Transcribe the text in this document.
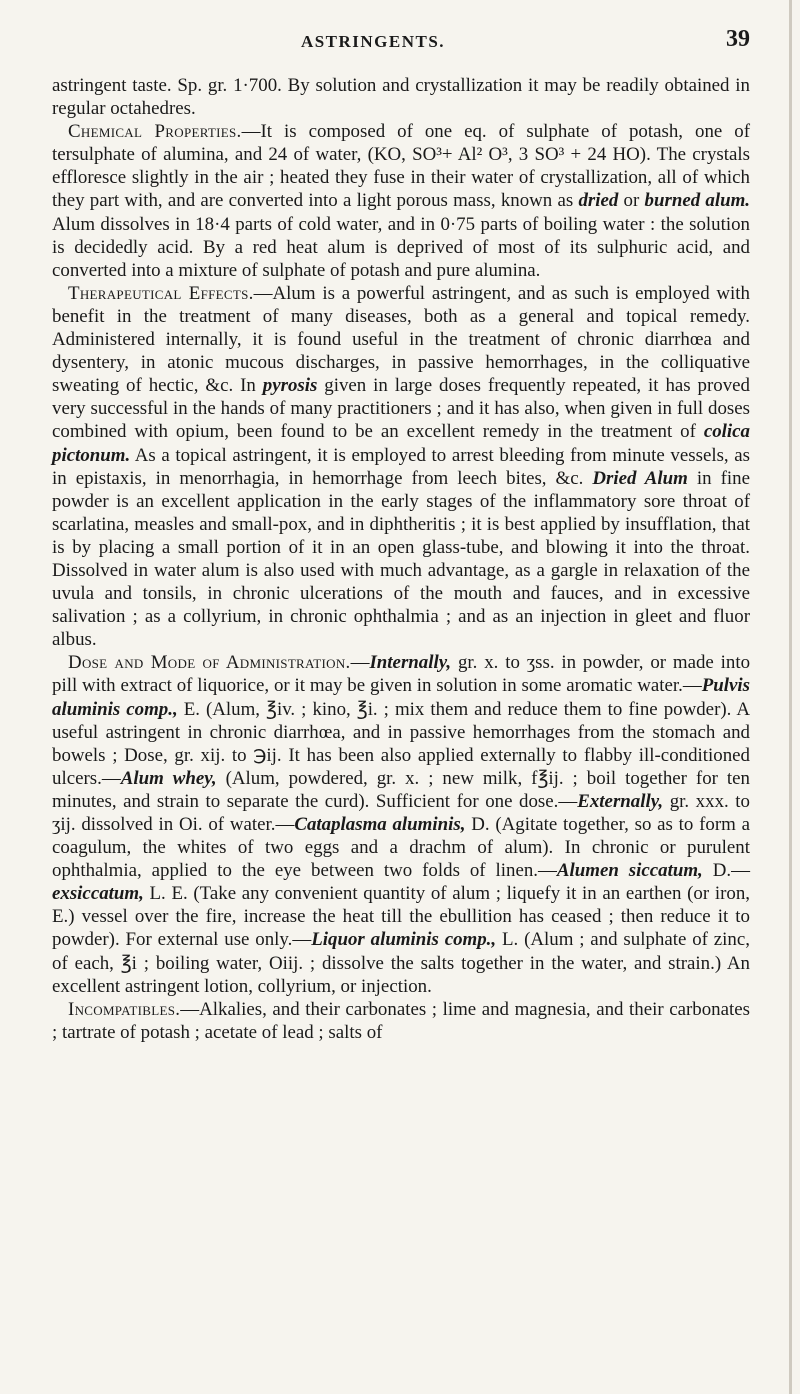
ASTRINGENTS.	39

astringent taste. Sp. gr. 1·700. By solution and crystallization it may be readily obtained in regular octahedres.

Chemical Properties.—It is composed of one eq. of sulphate of potash, one of tersulphate of alumina, and 24 of water, (KO, SO³+ Al² O³, 3 SO³ + 24 HO). The crystals effloresce slightly in the air ; heated they fuse in their water of crystallization, all of which they part with, and are converted into a light porous mass, known as dried or burned alum. Alum dissolves in 18·4 parts of cold water, and in 0·75 parts of boiling water : the solution is decidedly acid. By a red heat alum is deprived of most of its sulphuric acid, and converted into a mixture of sulphate of potash and pure alumina.

Therapeutical Effects.—Alum is a powerful astringent, and as such is employed with benefit in the treatment of many diseases, both as a general and topical remedy. Administered internally, it is found useful in the treatment of chronic diarrhœa and dysentery, in atonic mucous discharges, in passive hemorrhages, in the colliquative sweating of hectic, &c. In pyrosis given in large doses frequently repeated, it has proved very successful in the hands of many practitioners ; and it has also, when given in full doses combined with opium, been found to be an excellent remedy in the treatment of colica pictonum. As a topical astringent, it is employed to arrest bleeding from minute vessels, as in epistaxis, in menorrhagia, in hemorrhage from leech bites, &c. Dried Alum in fine powder is an excellent application in the early stages of the inflammatory sore throat of scarlatina, measles and small-pox, and in diphtheritis ; it is best applied by insufflation, that is by placing a small portion of it in an open glass-tube, and blowing it into the throat. Dissolved in water alum is also used with much advantage, as a gargle in relaxation of the uvula and tonsils, in chronic ulcerations of the mouth and fauces, and in excessive salivation ; as a collyrium, in chronic ophthalmia ; and as an injection in gleet and fluor albus.

Dose and Mode of Administration.—Internally, gr. x. to ʒss. in powder, or made into pill with extract of liquorice, or it may be given in solution in some aromatic water.—Pulvis aluminis comp., E. (Alum, ℥iv. ; kino, ℥i. ; mix them and reduce them to fine powder). A useful astringent in chronic diarrhœa, and in passive hemorrhages from the stomach and bowels ; Dose, gr. xij. to ℈ij. It has been also applied externally to flabby ill-conditioned ulcers.—Alum whey, (Alum, powdered, gr. x. ; new milk, f℥ij. ; boil together for ten minutes, and strain to separate the curd). Sufficient for one dose.—Externally, gr. xxx. to ʒij. dissolved in Oi. of water.—Cataplasma aluminis, D. (Agitate together, so as to form a coagulum, the whites of two eggs and a drachm of alum). In chronic or purulent ophthalmia, applied to the eye between two folds of linen.—Alumen siccatum, D.—exsiccatum, L. E. (Take any convenient quantity of alum ; liquefy it in an earthen (or iron, E.) vessel over the fire, increase the heat till the ebullition has ceased ; then reduce it to powder). For external use only.—Liquor aluminis comp., L. (Alum ; and sulphate of zinc, of each, ℥i ; boiling water, Oiij. ; dissolve the salts together in the water, and strain.) An excellent astringent lotion, collyrium, or injection.

Incompatibles.—Alkalies, and their carbonates ; lime and magnesia, and their carbonates ; tartrate of potash ; acetate of lead ; salts of
